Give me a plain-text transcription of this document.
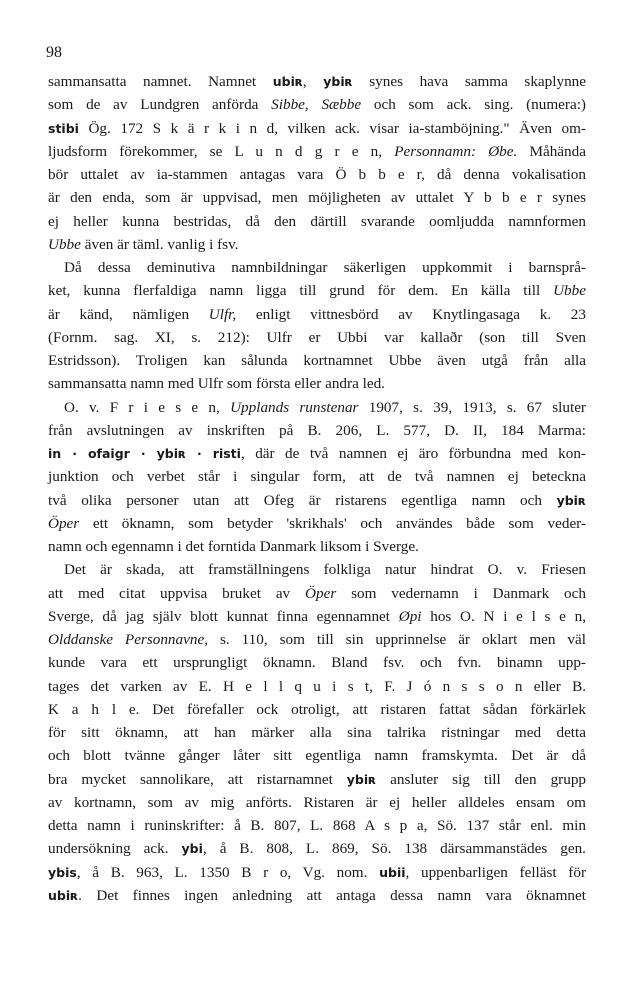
98
sammansatta namnet. Namnet ubiʀ, ybiʀ synes hava samma skaplynne
som de av Lundgren anförda Sibbe, Sæbbe och som ack. sing. (numera:)
stibi Ög. 172 S k ä r k i n d, vilken ack. visar ia-stamböjning." Även om-
ljudsform förekommer, se L u n d g r e n, Personnamn: Øbe. Måhända
bör uttalet av ia-stammen antagas vara Ö b b e r, då denna vokalisation
är den enda, som är uppvisad, men möjligheten av uttalet Y b b e r synes
ej heller kunna bestridas, då den därtill svarande oomljudda namnformen
Ubbe även är täml. vanlig i fsv.
Då dessa deminutiva namnbildningar säkerligen uppkommit i barnsprå-
ket, kunna flerfaldiga namn ligga till grund för dem. En källa till Ubbe
är känd, nämligen Ulfr, enligt vittnesbörd av Knytlingasaga k. 23
(Fornm. sag. XI, s. 212): Ulfr er Ubbi var kallaðr (son till Sven
Estridsson). Troligen kan sålunda kortnamnet Ubbe även utgå från alla
sammansatta namn med Ulfr som första eller andra led.
O. v. F r i e s e n, Upplands runstenar 1907, s. 39, 1913, s. 67 sluter
från avslutningen av inskriften på B. 206, L. 577, D. II, 184 Marma:
in · ofaigr · ybiʀ · risti, där de två namnen ej äro förbundna med kon-
junktion och verbet står i singular form, att de två namnen ej beteckna
två olika personer utan att Ofeg är ristarens egentliga namn och ybiʀ
Öper ett öknamn, som betyder 'skrikhals' och användes både som veder-
namn och egennamn i det forntida Danmark liksom i Sverge.
Det är skada, att framställningens folkliga natur hindrat O. v. Friesen
att med citat uppvisa bruket av Öper som vedernamn i Danmark och
Sverge, då jag själv blott kunnat finna egennamnet Øpi hos O. N i e l s e n,
Olddanske Personnavne, s. 110, som till sin upprinnelse är oklart men väl
kunde vara ett ursprungligt öknamn. Bland fsv. och fvn. binamn upp-
tages det varken av E. H e l l q u i s t, F. J ó n s s o n eller B.
K a h l e. Det förefaller ock otroligt, att ristaren fattat sådan förkärlek
för sitt öknamn, att han märker alla sina talrika ristningar med detta
och blott tvänne gånger låter sitt egentliga namn framskymta. Det är då
bra mycket sannolikare, att ristarnamnet ybiʀ ansluter sig till den grupp
av kortnamn, som av mig anförts. Ristaren är ej heller alldeles ensam om
detta namn i runinskrifter: å B. 807, L. 868 A s p a, Sö. 137 står enl. min
undersökning ack. ybi, å B. 808, L. 869, Sö. 138 därsammanstädes gen.
ybis, å B. 963, L. 1350 B r o, Vg. nom. ubii, uppenbarligen felläst för
ubiʀ. Det finnes ingen anledning att antaga dessa namn vara öknamnet
